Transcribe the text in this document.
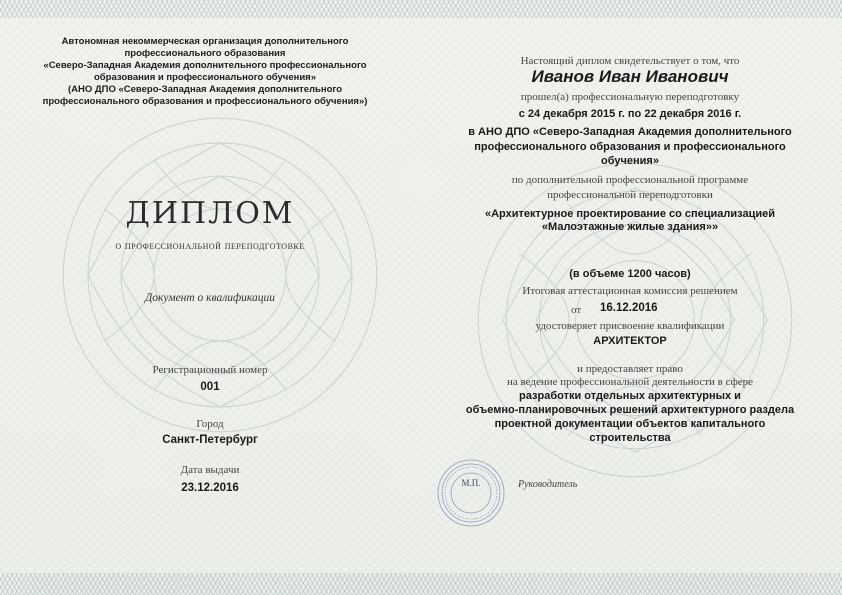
Автономная некоммерческая организация дополнительного
профессионального образования
«Северо-Западная Академия дополнительного профессионального
образования и профессионального обучения»
(АНО ДПО «Северо-Западная Академия дополнительного
профессионального образования и профессионального обучения»)
ДИПЛОМ
о профессиональной переподготовке
Документ о квалификации
Регистрационный номер
001
Город
Санкт-Петербург
Дата выдачи
23.12.2016
Настоящий диплом свидетельствует о том, что
Иванов Иван Иванович
прошел(а) профессиональную переподготовку
с 24 декабря 2015 г. по 22 декабря 2016 г.
в АНО ДПО «Северо-Западная Академия дополнительного
профессионального образования и профессионального
обучения»
по дополнительной профессиональной программе
профессиональной переподготовки
«Архитектурное проектирование со специализацией
«Малоэтажные жилые здания»»
(в объеме 1200 часов)
Итоговая аттестационная комиссия решением
от 16.12.2016
удостоверяет присвоение квалификации
АРХИТЕКТОР
и предоставляет право
на ведение профессиональной деятельности в сфере
разработки отдельных архитектурных и
объемно-планировочных решений архитектурного раздела
проектной документации объектов капитального
строительства
М.П.	Руководитель
